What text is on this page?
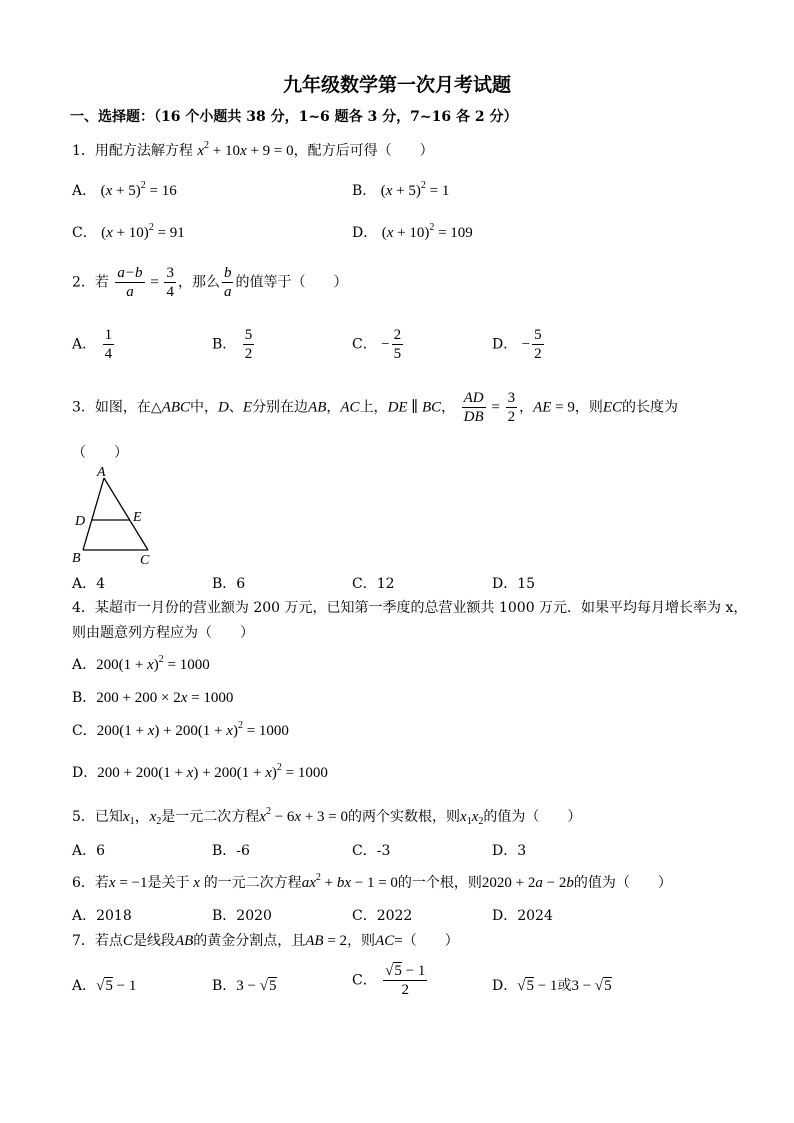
九年级数学第一次月考试题
一、选择题：（16 个小题共 38 分，1~6 题各 3 分，7~16 各 2 分）
1．用配方法解方程 $x^2 + 10x + 9 = 0$，配方后可得（　　）
A． $(x + 5)^2 = 16$	B． $(x + 5)^2 = 1$
C． $(x + 10)^2 = 91$	D． $(x + 10)^2 = 109$
2．若 $\frac{a-b}{a} = \frac{3}{4}$ ，那么 $\frac{b}{a}$ 的值等于（　　）
A． $\frac{1}{4}$	B． $\frac{5}{2}$	C． − $\frac{2}{5}$	D． − $\frac{5}{2}$
3．如图，在△ABC中，D、E分别在边AB，AC上，DE ∥ BC， $\frac{AD}{DB} = \frac{3}{2}$ ，AE = 9，则EC的长度为
（　　）
A
D	E
B	C
A．4	B．6	C．12	D．15
4．某超市一月份的营业额为 200 万元，已知第一季度的总营业额共 1000 万元．如果平均每月增长率为 x，
则由题意列方程应为（　　）
A．$200(1 + x)^2 = 1000$
B．200 + 200 × 2x = 1000
C．$200(1 + x) + 200(1 + x)^2 = 1000$
D．$200 + 200(1 + x) + 200(1 + x)^2 = 1000$
5．已知$x_1$，$x_2$是一元二次方程$x^2 - 6x + 3 = 0$的两个实数根，则$x_1x_2$的值为（　　）
A．6	B．-6	C．-3	D．3
6．若x = −1是关于 x 的一元二次方程$ax^2$ + bx − 1 = 0的一个根，则2020 + 2a − 2b的值为（　　）
A．2018	B．2020	C．2022	D．2024
7．若点C是线段AB的黄金分割点，且AB = 2，则AC=（　　）
A．√5 − 1	B．3 − √5	C． $\frac{√5 - 1}{2}$	D．√5 − 1或3 − √5
